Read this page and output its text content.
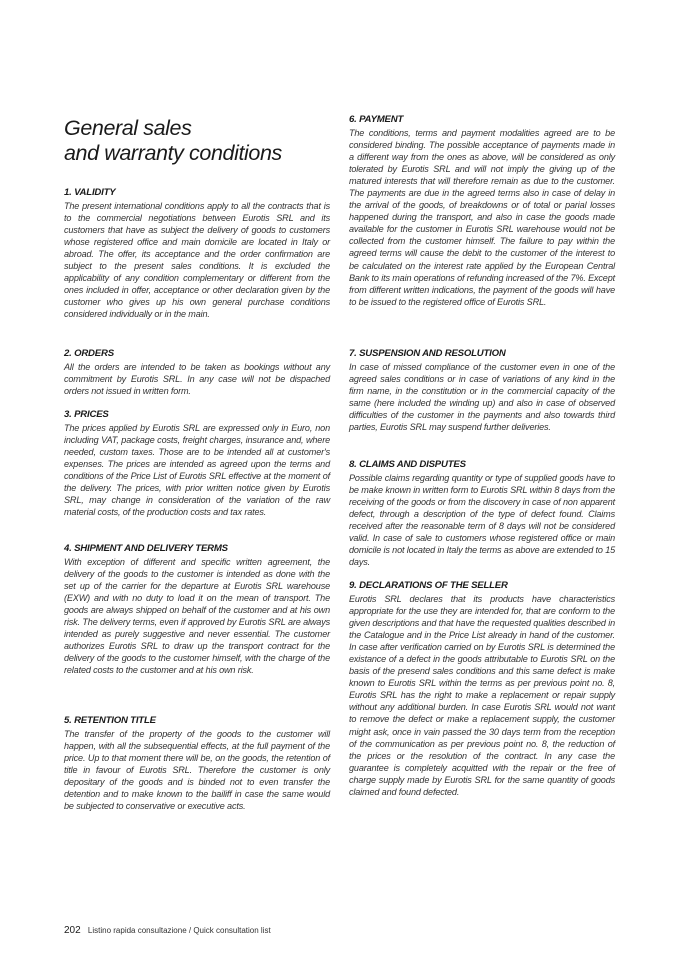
General sales
and warranty conditions
1. VALIDITY

The present international conditions apply to all the contracts that is to the commercial negotiations between Eurotis SRL and its customers that have as subject the delivery of goods to customers whose registered office and main domicile are located in Italy or abroad. The offer, its acceptance and the order confirmation are subject to the present sales conditions. It is excluded the applicability of any condition complementary or different from the ones included in offer, acceptance or other declaration given by the customer who gives up his own general purchase conditions considered individually or in the main.

2. ORDERS

All the orders are intended to be taken as bookings without any commitment by Eurotis SRL. In any case will not be dispached orders not issued in written form.

3. PRICES

The prices applied by Eurotis SRL are expressed only in Euro, non including VAT, package costs, freight charges, insurance and, where needed, custom taxes. Those are to be intended all at customer's expenses. The prices are intended as agreed upon the terms and conditions of the Price List of Eurotis SRL effective at the moment of the delivery. The prices, with prior written notice given by Eurotis SRL, may change in consideration of the variation of the raw material costs, of the production costs and tax rates.

4. SHIPMENT AND DELIVERY TERMS

With exception of different and specific written agreement, the delivery of the goods to the customer is intended as done with the set up of the carrier for the departure at Eurotis SRL warehouse (EXW) and with no duty to load it on the mean of transport. The goods are always shipped on behalf of the customer and at his own risk. The delivery terms, even if approved by Eurotis SRL are always intended as purely suggestive and never essential. The customer authorizes Eurotis SRL to draw up the transport contract for the delivery of the goods to the customer himself, with the charge of the related costs to the customer and at his own risk.

5. RETENTION TITLE

The transfer of the property of the goods to the customer will happen, with all the subsequential effects, at the full payment of the price. Up to that moment there will be, on the goods, the retention of title in favour of Eurotis SRL. Therefore the customer is only depositary of the goods and is binded not to even transfer the detention and to make known to the bailiff in case the same would be subjected to conservative or executive acts.

6. PAYMENT

The conditions, terms and payment modalities agreed are to be considered binding. The possible acceptance of payments made in a different way from the ones as above, will be considered as only tolerated by Eurotis SRL and will not imply the giving up of the matured interests that will therefore remain as due to the customer. The payments are due in the agreed terms also in case of delay in the arrival of the goods, of breakdowns or of total or parial losses happened during the transport, and also in case the goods made available for the customer in Eurotis SRL warehouse would not be collected from the customer himself. The failure to pay within the agreed terms will cause the debit to the customer of the interest to be calculated on the interest rate applied by the European Central Bank to its main operations of refunding increased of the 7%. Except from different written indications, the payment of the goods will have to be issued to the registered office of Eurotis SRL.

7. SUSPENSION AND RESOLUTION

In case of missed compliance of the customer even in one of the agreed sales conditions or in case of variations of any kind in the firm name, in the constitution or in the commercial capacity of the same (here included the winding up) and also in case of observed difficulties of the customer in the payments and also towards third parties, Eurotis SRL may suspend further deliveries.

8. CLAIMS AND DISPUTES

Possible claims regarding quantity or type of supplied goods have to be make known in written form to Eurotis SRL within 8 days from the receiving of the goods or from the discovery in case of non apparent defect, through a description of the type of defect found. Claims received after the reasonable term of 8 days will not be considered valid. In case of sale to customers whose registered office or main domicile is not located in Italy the terms as above are extended to 15 days.

9. DECLARATIONS OF THE SELLER

Eurotis SRL declares that its products have characteristics appropriate for the use they are intended for, that are conform to the given descriptions and that have the requested qualities described in the Catalogue and in the Price List already in hand of the customer. In case after verification carried on by Eurotis SRL is determined the existance of a defect in the goods attributable to Eurotis SRL on the basis of the presend sales conditions and this same defect is make known to Eurotis SRL within the terms as per previous point no. 8, Eurotis SRL has the right to make a replacement or repair supply without any additional burden. In case Eurotis SRL would not want to remove the defect or make a replacement supply, the customer might ask, once in vain passed the 30 days term from the reception of the communication as per previous point no. 8, the reduction of the prices or the resolution of the contract. In any case the guarantee is completely acquitted with the repair or the free of charge supply made by Eurotis SRL for the same quantity of goods claimed and found defected.

202 Listino rapida consultazione / Quick consultation list
